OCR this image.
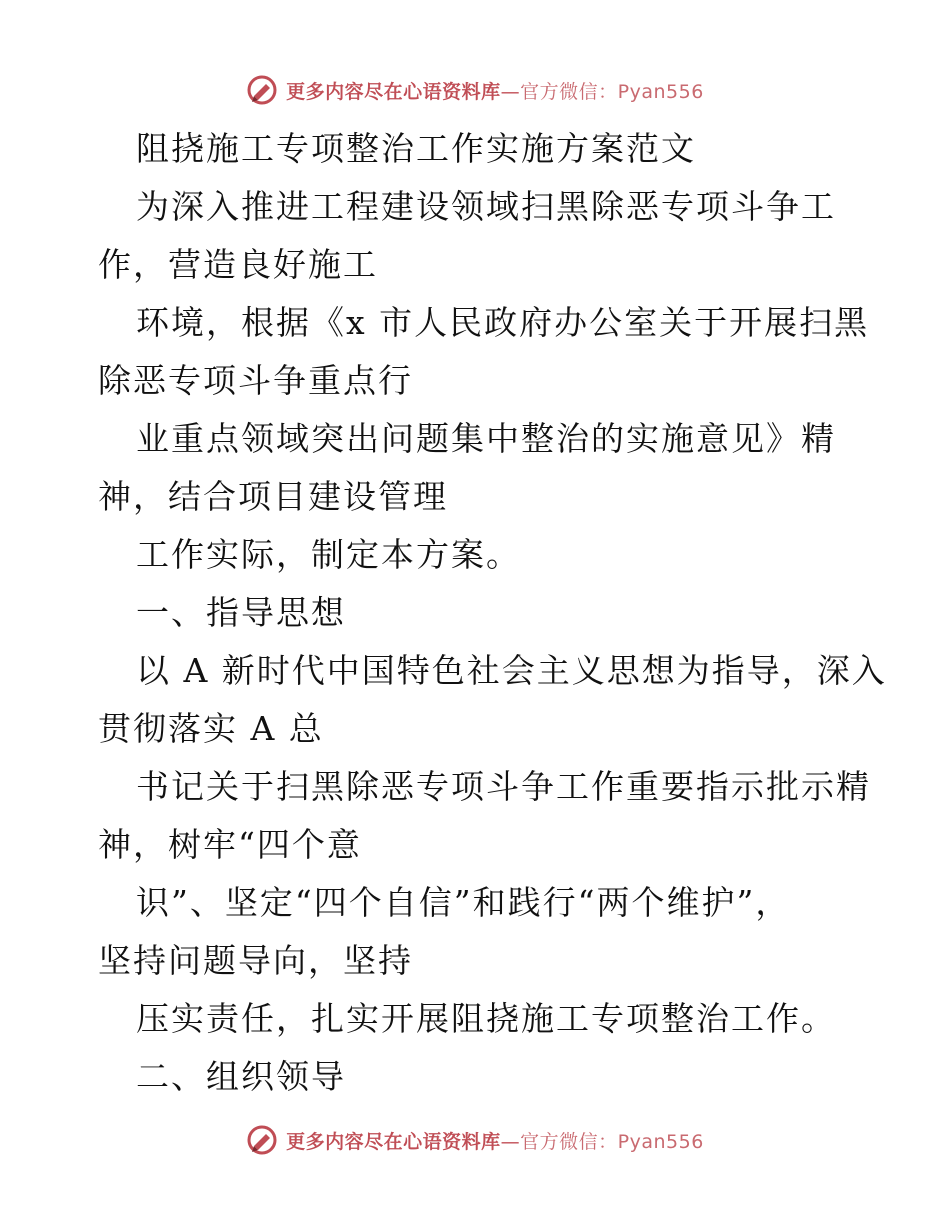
更多内容尽在心语资料库—官方微信：Pyan556
阻挠施工专项整治工作实施方案范文
为深入推进工程建设领域扫黑除恶专项斗争工
作，营造良好施工
环境，根据《x 市人民政府办公室关于开展扫黑
除恶专项斗争重点行
业重点领域突出问题集中整治的实施意见》精
神，结合项目建设管理
工作实际，制定本方案。
一、指导思想
以 A 新时代中国特色社会主义思想为指导，深入
贯彻落实 A 总
书记关于扫黑除恶专项斗争工作重要指示批示精
神，树牢“四个意
识”、坚定“四个自信”和践行“两个维护”，
坚持问题导向，坚持
压实责任，扎实开展阻挠施工专项整治工作。
二、组织领导
更多内容尽在心语资料库—官方微信：Pyan556
